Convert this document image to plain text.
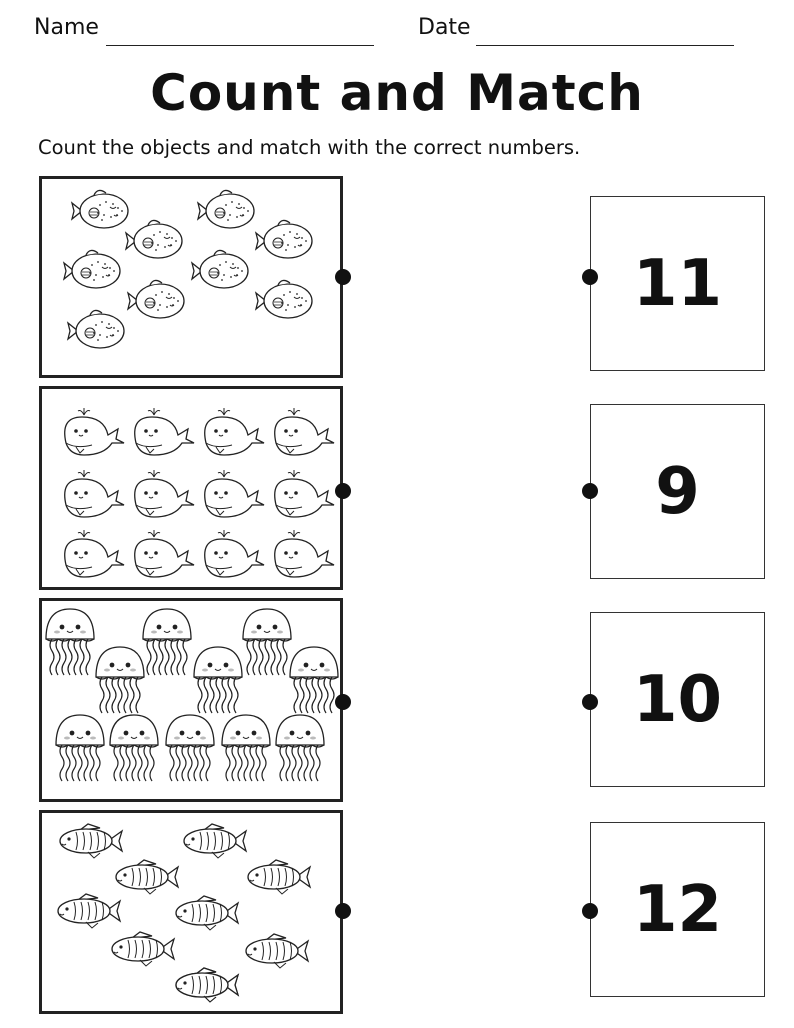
Name	Date
Count and Match
Count the objects and match with the correct numbers.
11
9
10
12
